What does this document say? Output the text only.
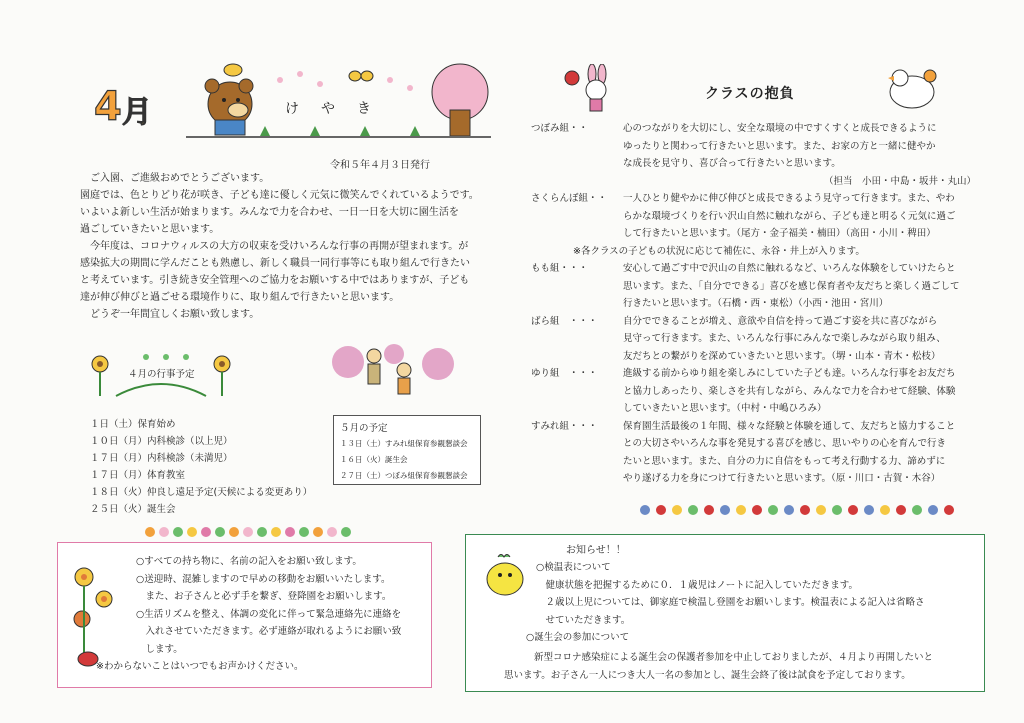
4 月	けやき
令和５年４月３日発行

ご入園、ご進級おめでとうございます。

園庭では、色とりどり花が咲き、子ども達に優しく元気に微笑んでくれているようです。

いよいよ新しい生活が始まります。みんなで力を合わせ、一日一日を大切に園生活を

過ごしていきたいと思います。

今年度は、コロナウィルスの大方の収束を受けいろんな行事の再開が望まれます。が

感染拡大の期間に学んだことも熟慮し、新しく職員一同行事等にも取り組んで行きたい

と考えています。引き続き安全管理へのご協力をお願いする中ではありますが、子ども

達が伸び伸びと過ごせる環境作りに、取り組んで行きたいと思います。

どうぞ一年間宜しくお願い致します。

４月の行事予定
１日（土）保育始め
１０日（月）内科検診（以上児）
１７日（月）内科検診（未満児）
１７日（月）体育教室
１８日（火）仲良し遠足予定(天候による変更あり）
２５日（火）誕生会
５月の予定
１３日（土）すみれ組保育参観懇談会
１６日（火）誕生会
２７日（土）つぼみ組保育参観懇談会

○すべての持ち物に、名前の記入をお願い致します。

○送迎時、混雑しますので早めの移動をお願いいたします。

　また、お子さんと必ず手を繋ぎ、登降園をお願いします。

○生活リズムを整え、体調の変化に伴って緊急連絡先に連絡を

　入れさせていただきます。必ず連絡が取れるようにお願い致

　します。

※わからないことはいつでもお声かけください。

クラスの抱負
つぼみ組・・	心のつながりを大切にし、安全な環境の中ですくすくと成長できるように
ゆったりと関わって行きたいと思います。また、お家の方と一緒に健やか
な成長を見守り、喜び合って行きたいと思います。
（担当　小田・中島・坂井・丸山）
さくらんぼ組・・	一人ひとり健やかに伸び伸びと成長できるよう見守って行きます。また、やわ
らかな環境づくりを行い沢山自然に触れながら、子ども達と明るく元気に過ご
して行きたいと思います。（尾方・金子福美・楠田）（高田・小川・稗田）
※各クラスの子どもの状況に応じて補佐に、永谷・井上が入ります。
もも組・・・	安心して過ごす中で沢山の自然に触れるなど、いろんな体験をしていけたらと
思います。また、「自分でできる」喜びを感じ保育者や友だちと楽しく過ごして
行きたいと思います。（石橋・西・東松）（小西・池田・宮川）
ばら組　・・・	自分でできることが増え、意欲や自信を持って過ごす姿を共に喜びながら
見守って行きます。また、いろんな行事にみんなで楽しみながら取り組み、
友だちとの繋がりを深めていきたいと思います。（堺・山本・青木・松枝）
ゆり組　・・・	進級する前からゆり組を楽しみにしていた子ども達。いろんな行事をお友だち
と協力しあったり、楽しさを共有しながら、みんなで力を合わせて経験、体験
していきたいと思います。（中村・中嶋ひろみ）
すみれ組・・・	保育園生活最後の１年間、様々な経験と体験を通して、友だちと協力すること
との大切さやいろんな事を発見する喜びを感じ、思いやりの心を育んで行き
たいと思います。また、自分の力に自信をもって考え行動する力、諦めずに
やり遂げる力を身につけて行きたいと思います。（原・川口・古賀・木谷）
お知らせ！！

○検温表について

健康状態を把握するために０．１歳児はノートに記入していただきます。

２歳以上児については、御家庭で検温し登園をお願いします。検温表による記入は省略さ

せていただきます。

○誕生会の参加について

新型コロナ感染症による誕生会の保護者参加を中止しておりましたが、４月より再開したいと

思います。お子さん一人につき大人一名の参加とし、誕生会終了後は試食を予定しております。
